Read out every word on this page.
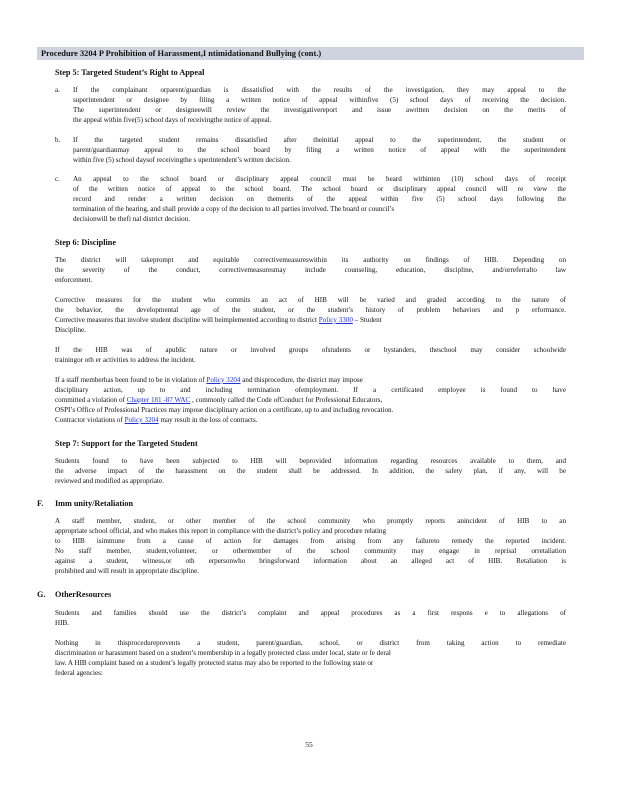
Procedure 3204 P Prohibition of Harassment,I ntimidationand Bullying (cont.)
Step 5: Targeted Student’s Right to Appeal
a. If the complainant orparent/guardian is dissatisfied with the results of the investigation, they may appeal to the
superintendent or designee by filing a written notice of appeal withinfive (5) school days of receiving the decision.
The superintendent or designeewill review the investigativereport and issue awritten decision on the merits of
the appeal within five(5) school days of receivingthe notice of appeal.
b. If the targeted student remains dissatisfied after theinitial appeal to the superintendent, the student or
parent/guardianmay appeal to the school board by filing a written notice of appeal with the superintendent
within five (5) school daysof receivingthe s uperintendent’s written decision.
c. An appeal to the school board or disciplinary appeal council must be heard withinten (10) school days of receipt
of the written notice of appeal to the school board. The school board or disciplinary appeal council will re view the
record and render a written decision on themerits of the appeal within five (5) school days following the
termination of the hearing, and shall provide a copy of the decision to all parties involved. The board or council’s
decisionwill be thefi nal district decision.
Step 6: Discipline
The district will takeprompt and equitable correctivemeasureswithin its authority on findings of HIB. Depending on
the severity of the conduct, correctivemeasuresmay include counseling, education, discipline, and/orreferralto law
enforcement.
Corrective measures for the student who commits an act of HIB will be varied and graded according to the nature of
the behavior, the developmental age of the student, or the student’s history of problem behaviors and p erformance.
Corrective measures that involve student discipline will beimplemented according to district Policy 3300 – Student
Discipline.
If the HIB was of apublic nature or involved groups ofstudents or bystanders, theschool may consider schoolwide
trainingor oth er activities to address the incident.
If a staff memberhas been found to be in violation of Policy 3204 and thisprocedure, the district may impose
disciplinary action, up to and including termination ofemployment. If a certificated employee is found to have
committed a violation of Chapter 181 -87 WAC , commonly called the Code ofConduct for Professional Educators,
OSPI’s Office of Professional Practices may impose disciplinary action on a certificate, up to and including revocation.
Contractor violations of Policy 3204 may result in the loss of contracts.
Step 7: Support for the Targeted Student
Students found to have been subjected to HIB will beprovided information regarding resources available to them, and
the adverse impact of the harassment on the student shall be addressed. In addition, the safety plan, if any, will be
reviewed and modified as appropriate.
F. Imm unity/Retaliation
A staff member, student, or other member of the school community who promptly reports anincident of HIB to an
appropriate school official, and who makes this report in compliance with the district’s policy and procedure relating
to HIB isimmune from a cause of action for damages from arising from any failureto remedy the reported incident.
No staff member, student,volunteer, or othermember of the school community may engage in reprisal orretaliation
against a student, witness,or oth erpersonwho bringsforward information about an alleged act of HIB. Retaliation is
prohibited and will result in appropriate discipline.
G. OtherResources
Students and families should use the district’s complaint and appeal procedures as a first respons e to allegations of
HIB.
Nothing in thisprocedureprevents a student, parent/guardian, school, or district from taking action to remediate
discrimination or harassment based on a student’s membership in a legally protected class under local, state or fe deral
law. A HIB complaint based on a student’s legally protected status may also be reported to the following state or
federal agencies:
55
